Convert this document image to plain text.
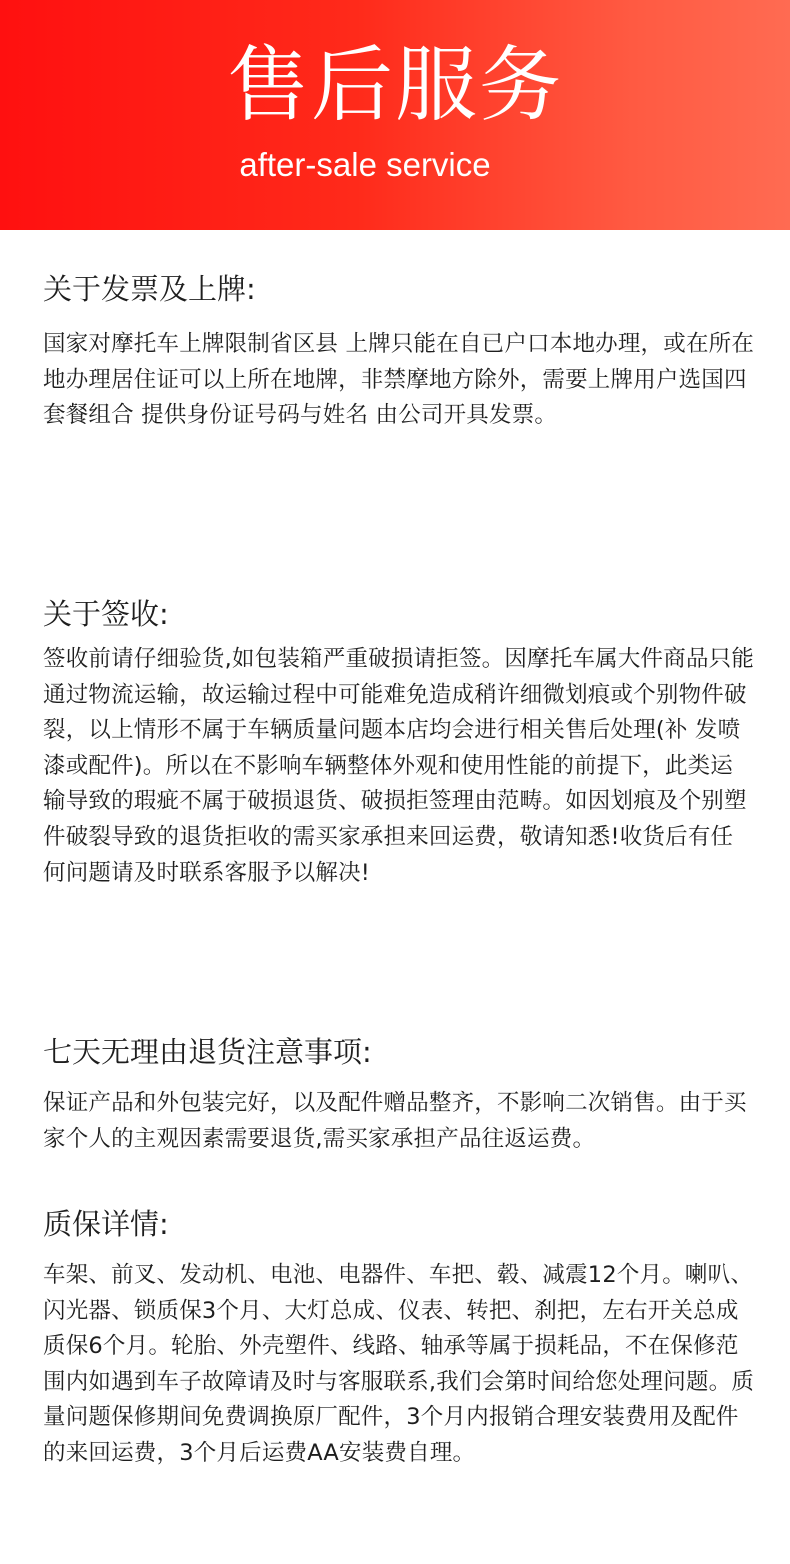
售后服务
after-sale service
关于发票及上牌:

国家对摩托车上牌限制省区县 上牌只能在自已户口本地办理，或在所在地办理居住证可以上所在地牌，非禁摩地方除外，需要上牌用户选国四套餐组合 提供身份证号码与姓名 由公司开具发票。

关于签收:

签收前请仔细验货,如包装箱严重破损请拒签。因摩托车属大件商品只能通过物流运输，故运输过程中可能难免造成稍许细微划痕或个别物件破裂，以上情形不属于车辆质量问题本店均会进行相关售后处理(补 发喷漆或配件)。所以在不影响车辆整体外观和使用性能的前提下，此类运输导致的瑕疵不属于破损退货、破损拒签理由范畴。如因划痕及个别塑件破裂导致的退货拒收的需买家承担来回运费，敬请知悉!收货后有任何问题请及时联系客服予以解决!

七天无理由退货注意事项:

保证产品和外包装完好，以及配件赠品整齐，不影响二次销售。由于买家个人的主观因素需要退货,需买家承担产品往返运费。

质保详情:

车架、前叉、发动机、电池、电器件、车把、毂、减震12个月。喇叭、闪光器、锁质保3个月、大灯总成、仪表、转把、刹把，左右开关总成质保6个月。轮胎、外壳塑件、线路、轴承等属于损耗品，不在保修范围内如遇到车子故障请及时与客服联系,我们会第时间给您处理问题。质量问题保修期间免费调换原厂配件，3个月内报销合理安装费用及配件的来回运费，3个月后运费AA安装费自理。
